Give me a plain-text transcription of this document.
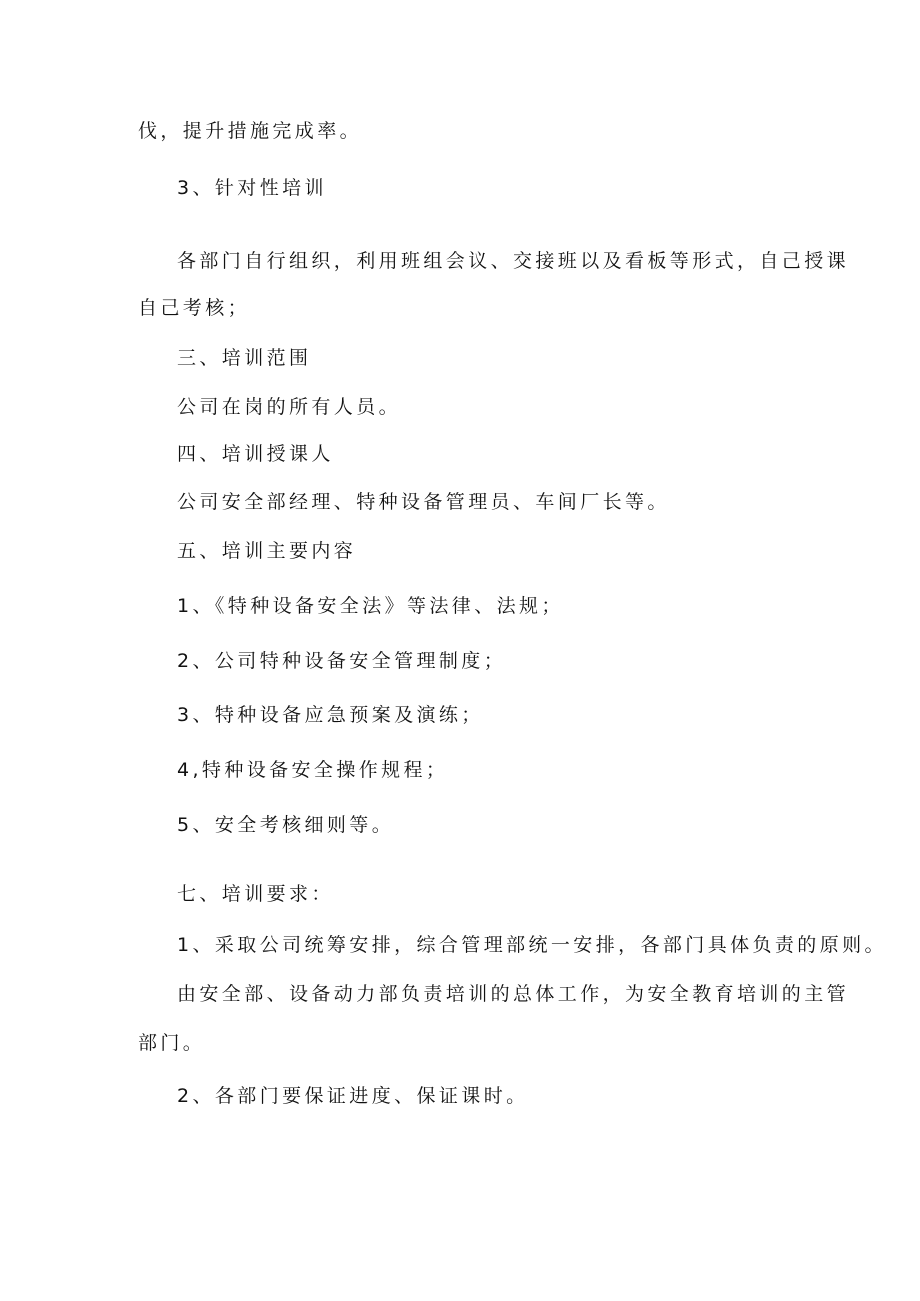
伐，提升措施完成率。

3、针对性培训

各部门自行组织，利用班组会议、交接班以及看板等形式，自己授课

自己考核；

三、培训范围

公司在岗的所有人员。

四、培训授课人

公司安全部经理、特种设备管理员、车间厂长等。

五、培训主要内容

1、《特种设备安全法》等法律、法规；

2、公司特种设备安全管理制度；

3、特种设备应急预案及演练；

4,特种设备安全操作规程；

5、安全考核细则等。

七、培训要求：

1、采取公司统筹安排，综合管理部统一安排，各部门具体负责的原则。

由安全部、设备动力部负责培训的总体工作，为安全教育培训的主管

部门。

2、各部门要保证进度、保证课时。
